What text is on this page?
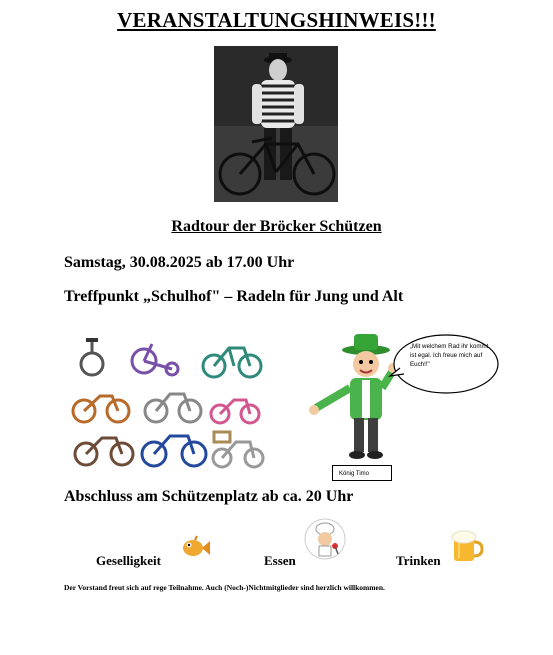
VERANSTALTUNGSHINWEIS!!!
Radtour der Bröcker Schützen
Samstag, 30.08.2025 ab 17.00 Uhr
Treffpunkt „Schulhof" – Radeln für Jung und Alt
„Mit welchem Rad ihr kommt ist egal. Ich freue mich auf Euch!!"
König Timo
Abschluss am Schützenplatz ab ca. 20 Uhr
Geselligkeit	Essen	Trinken
Der Vorstand freut sich auf rege Teilnahme. Auch (Noch-)Nichtmitglieder sind herzlich willkommen.
